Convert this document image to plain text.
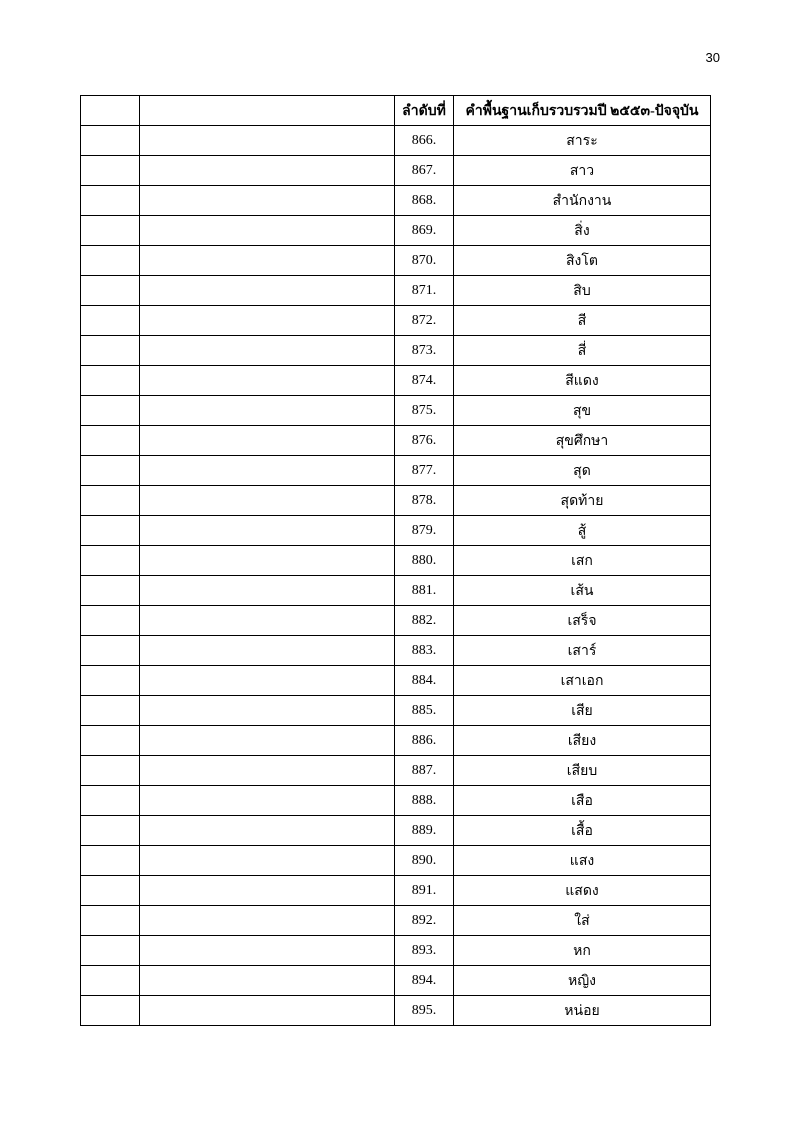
30
		ลำดับที่	คำพื้นฐานเก็บรวบรวมปี ๒๕๕๓-ปัจจุบัน
		866.	สาระ
		867.	สาว
		868.	สำนักงาน
		869.	สิ่ง
		870.	สิงโต
		871.	สิบ
		872.	สี
		873.	สี่
		874.	สีแดง
		875.	สุข
		876.	สุขศึกษา
		877.	สุด
		878.	สุดท้าย
		879.	สู้
		880.	เสก
		881.	เส้น
		882.	เสร็จ
		883.	เสาร์
		884.	เสาเอก
		885.	เสีย
		886.	เสียง
		887.	เสียบ
		888.	เสือ
		889.	เสื้อ
		890.	แสง
		891.	แสดง
		892.	ใส่
		893.	หก
		894.	หญิง
		895.	หน่อย
